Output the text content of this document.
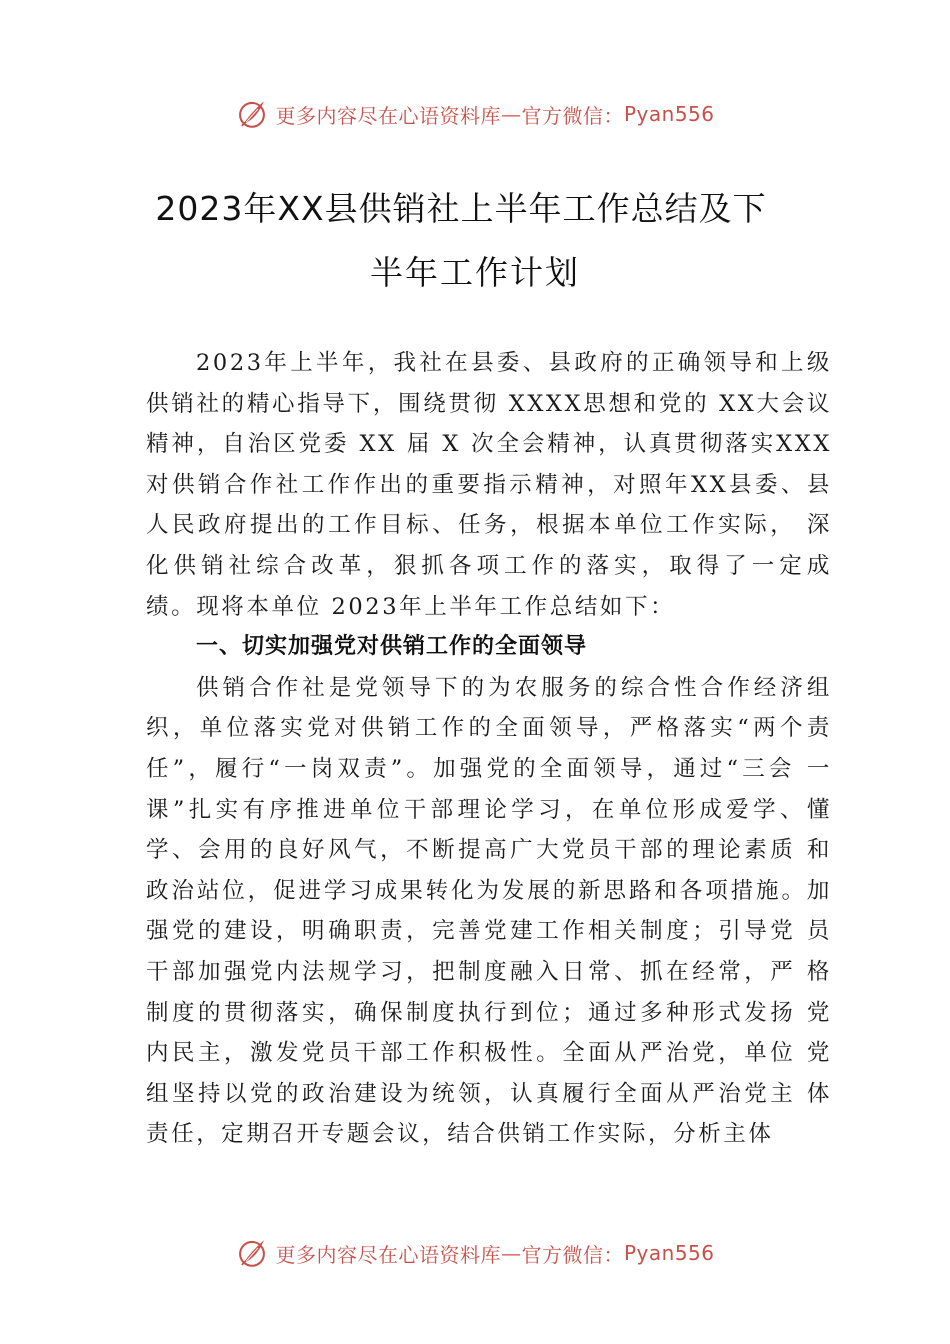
更多内容尽在心语资料库 — 官方微信： Pyan556
2023年XX县供销社上半年工作总结及下
半年工作计划

2023年上半年，我社在县委、县政府的正确领导和上级供销社的精心指导下，围绕贯彻 XXXX思想和党的 XX大会议精神，自治区党委 XX 届 X 次全会精神，认真贯彻落实XXX对供销合作社工作作出的重要指示精神，对照年XX县委、县人民政府提出的工作目标、任务，根据本单位工作实际， 深化供销社综合改革，狠抓各项工作的落实，取得了一定成 绩。现将本单位 2023年上半年工作总结如下：

一、切实加强党对供销工作的全面领导

供销合作社是党领导下的为农服务的综合性合作经济组织，单位落实党对供销工作的全面领导，严格落实“两个责任”，履行“一岗双责”。加强党的全面领导，通过“三会 一课”扎实有序推进单位干部理论学习，在单位形成爱学、懂学、会用的良好风气，不断提高广大党员干部的理论素质 和政治站位，促进学习成果转化为发展的新思路和各项措施。加强党的建设，明确职责，完善党建工作相关制度；引导党 员干部加强党内法规学习，把制度融入日常、抓在经常，严 格制度的贯彻落实，确保制度执行到位；通过多种形式发扬 党内民主，激发党员干部工作积极性。全面从严治党，单位 党组坚持以党的政治建设为统领，认真履行全面从严治党主 体责任，定期召开专题会议，结合供销工作实际，分析主体

更多内容尽在心语资料库 — 官方微信： Pyan556
